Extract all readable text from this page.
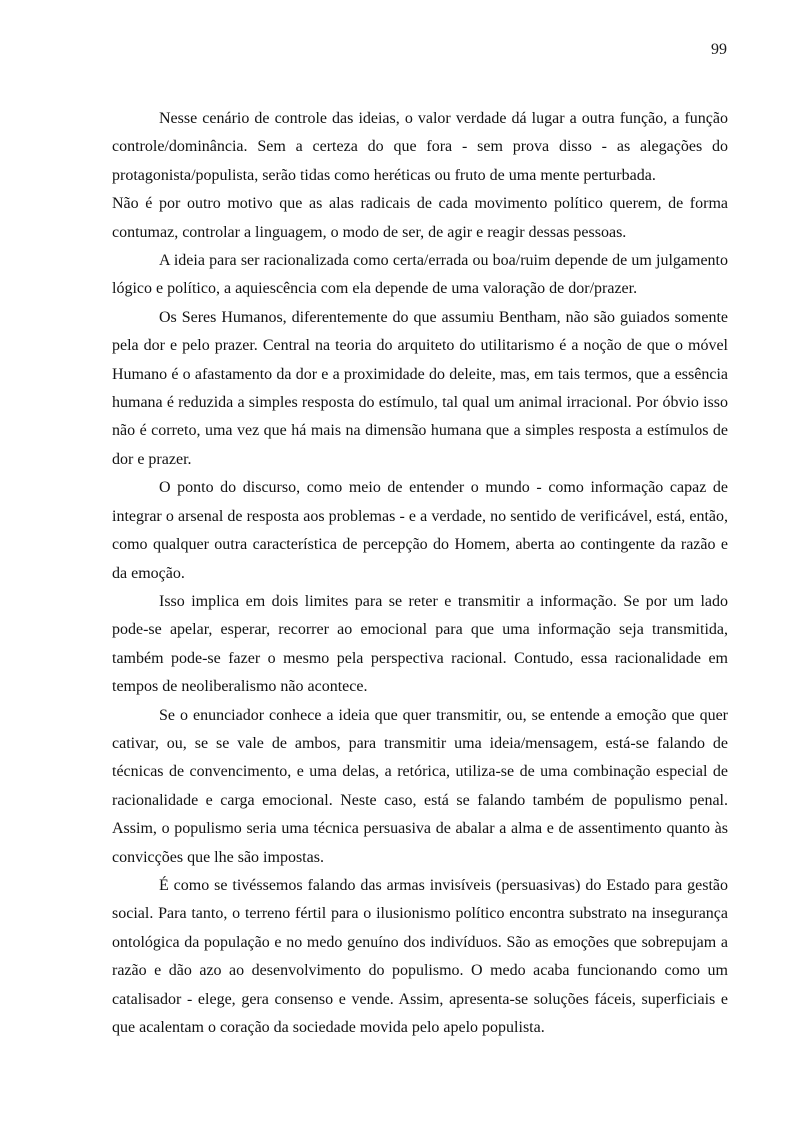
99

Nesse cenário de controle das ideias, o valor verdade dá lugar a outra função, a função controle/dominância. Sem a certeza do que fora - sem prova disso - as alegações do protagonista/populista, serão tidas como heréticas ou fruto de uma mente perturbada.

Não é por outro motivo que as alas radicais de cada movimento político querem, de forma contumaz, controlar a linguagem, o modo de ser, de agir e reagir dessas pessoas.

A ideia para ser racionalizada como certa/errada ou boa/ruim depende de um julgamento lógico e político, a aquiescência com ela depende de uma valoração de dor/prazer.

Os Seres Humanos, diferentemente do que assumiu Bentham, não são guiados somente pela dor e pelo prazer. Central na teoria do arquiteto do utilitarismo é a noção de que o móvel Humano é o afastamento da dor e a proximidade do deleite, mas, em tais termos, que a essência humana é reduzida a simples resposta do estímulo, tal qual um animal irracional. Por óbvio isso não é correto, uma vez que há mais na dimensão humana que a simples resposta a estímulos de dor e prazer.

O ponto do discurso, como meio de entender o mundo - como informação capaz de integrar o arsenal de resposta aos problemas - e a verdade, no sentido de verificável, está, então, como qualquer outra característica de percepção do Homem, aberta ao contingente da razão e da emoção.

Isso implica em dois limites para se reter e transmitir a informação. Se por um lado pode-se apelar, esperar, recorrer ao emocional para que uma informação seja transmitida, também pode-se fazer o mesmo pela perspectiva racional. Contudo, essa racionalidade em tempos de neoliberalismo não acontece.

Se o enunciador conhece a ideia que quer transmitir, ou, se entende a emoção que quer cativar, ou, se se vale de ambos, para transmitir uma ideia/mensagem, está-se falando de técnicas de convencimento, e uma delas, a retórica, utiliza-se de uma combinação especial de racionalidade e carga emocional. Neste caso, está se falando também de populismo penal. Assim, o populismo seria uma técnica persuasiva de abalar a alma e de assentimento quanto às convicções que lhe são impostas.

É como se tivéssemos falando das armas invisíveis (persuasivas) do Estado para gestão social. Para tanto, o terreno fértil para o ilusionismo político encontra substrato na insegurança ontológica da população e no medo genuíno dos indivíduos. São as emoções que sobrepujam a razão e dão azo ao desenvolvimento do populismo. O medo acaba funcionando como um catalisador - elege, gera consenso e vende. Assim, apresenta-se soluções fáceis, superficiais e que acalentam o coração da sociedade movida pelo apelo populista.
